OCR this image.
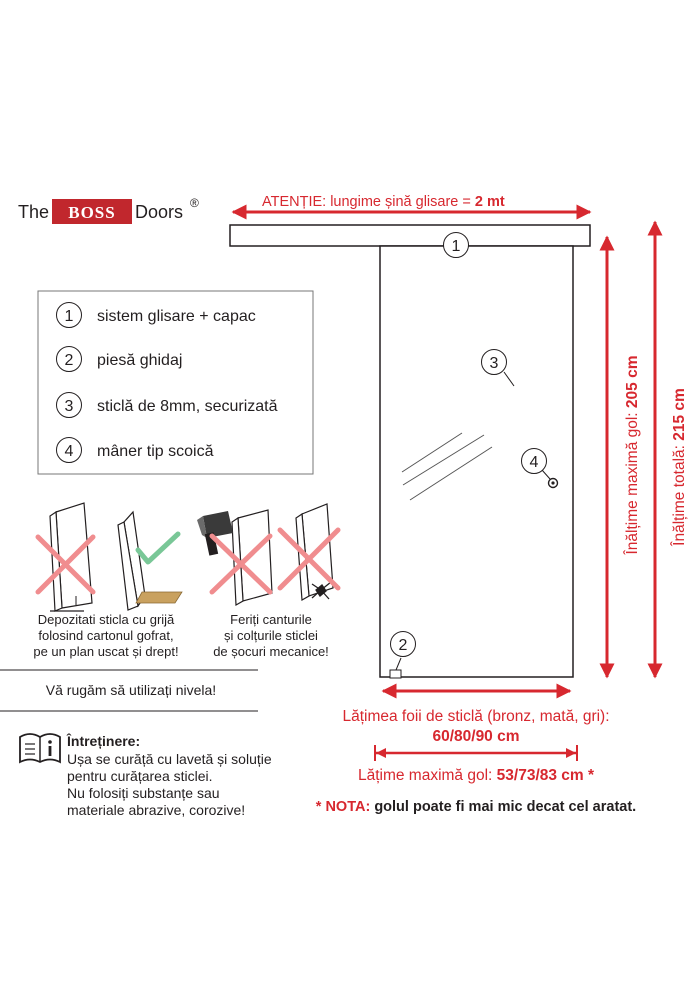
The BOSS Doors ®	ATENȚIE: lungime șină glisare = 2 mt
1
2
3
4	Înălțime maximă gol: 205 cm
Înălțime totală: 215 cm
Lățimea foii de sticlă (bronz, mată, gri):
60/80/90 cm
Lățime maximă gol: 53/73/83 cm *
* NOTA: golul poate fi mai mic decat cel aratat.
1 sistem glisare + capac
2 piesă ghidaj
3 sticlă de 8mm, securizată
4 mâner tip scoică
Depozitati sticla cu grijă
folosind cartonul gofrat,
pe un plan uscat și drept!
Feriți canturile
și colțurile sticlei
de șocuri mecanice!
Vă rugăm să utilizați nivela!
Întreținere:
Ușa se curăță cu lavetă și soluție
pentru curățarea sticlei.
Nu folosiți substanțe sau
materiale abrazive, corozive!
